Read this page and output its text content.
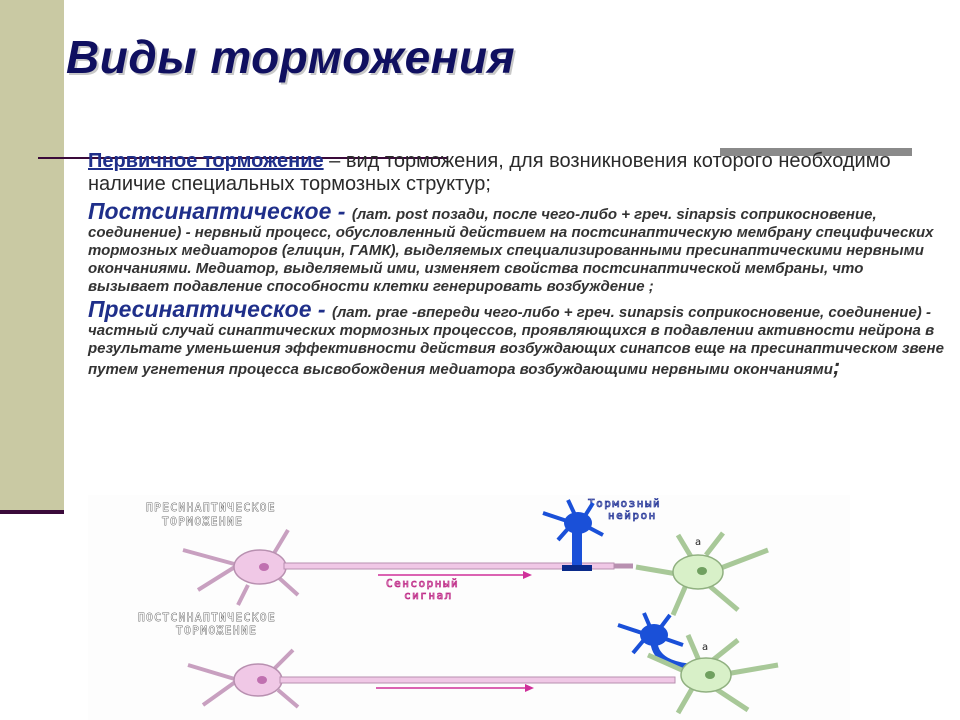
Виды торможения

Первичное торможение – вид торможения, для возникновения которого необходимо наличие специальных тормозных структур;

Постсинаптическое - (лат. post позади, после чего-либо + греч. sinapsis соприкосновение, соединение) - нервный процесс, обусловленный действием на постсинаптическую мембрану специфических тормозных медиаторов (глицин, ГАМК), выделяемых специализированными пресинаптическими нервными окончаниями. Медиатор, выделяемый ими, изменяет свойства постсинаптической мембраны, что вызывает подавление способности клетки генерировать возбуждение ;

Пресинаптическое - (лат. prae -впереди чего-либо + греч. sunapsis соприкосновение, соединение) - частный случай синаптических тормозных процессов, проявляющихся в подавлении активности нейрона в результате уменьшения эффективности действия возбуждающих синапсов еще на пресинаптическом звене путем угнетения процесса высвобождения медиатора возбуждающими нервными окончаниями;

ПРЕСИНАПТИЧЕСКОЕ
ТОРМОЖЕНИЕ
Тормозный
нейрон
Сенсорный
сигнал
ПОСТСИНАПТИЧЕСКОЕ
ТОРМОЖЕНИЕ
a
a
